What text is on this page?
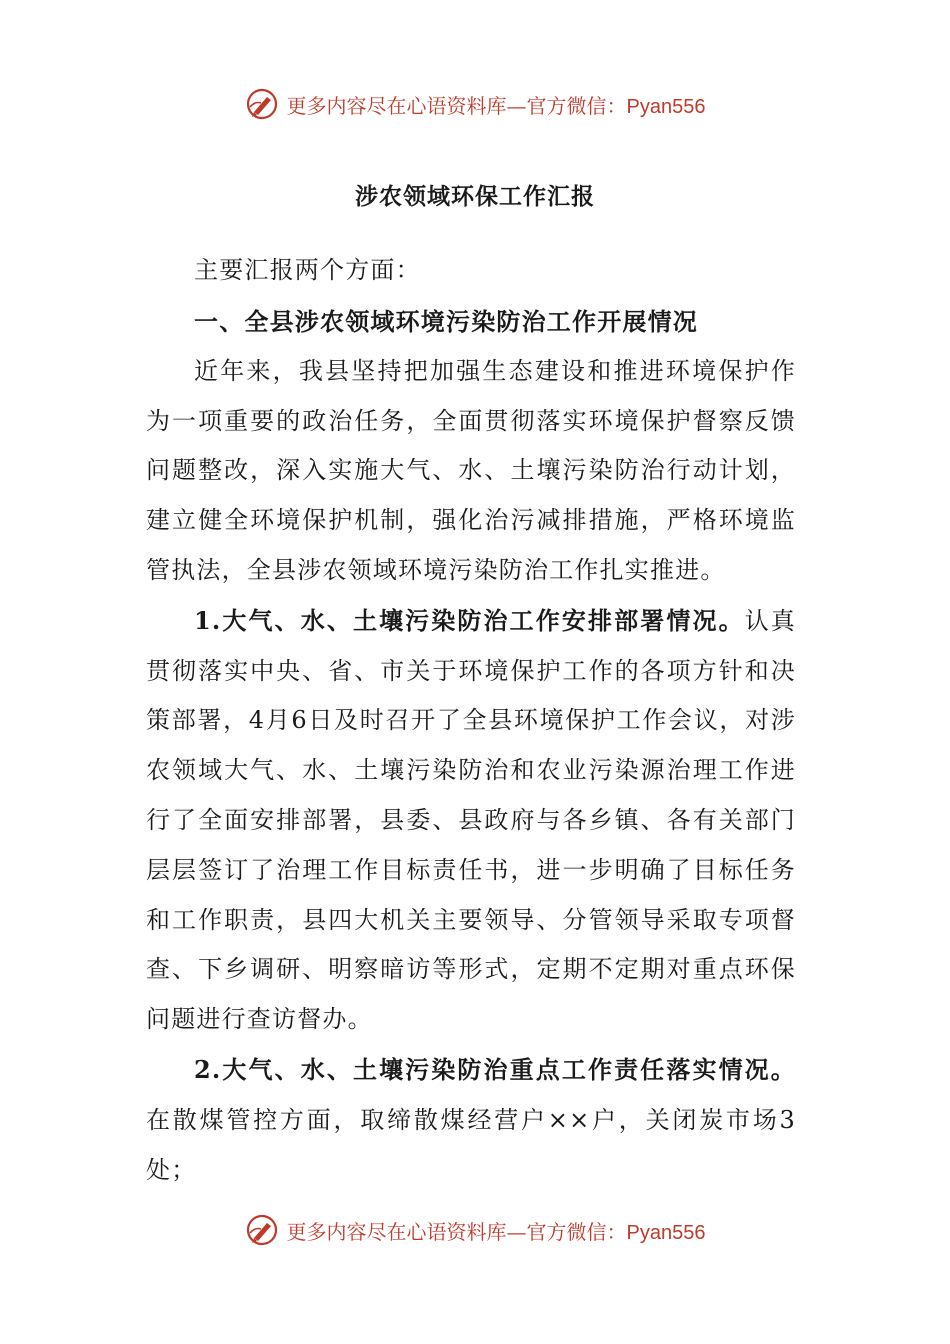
更多内容尽在心语资料库—官方微信：Pyan556
涉农领域环保工作汇报

主要汇报两个方面：

一、全县涉农领域环境污染防治工作开展情况

近年来，我县坚持把加强生态建设和推进环境保护作为一项重要的政治任务，全面贯彻落实环境保护督察反馈问题整改，深入实施大气、水、土壤污染防治行动计划，建立健全环境保护机制，强化治污减排措施，严格环境监管执法，全县涉农领域环境污染防治工作扎实推进。

1.大气、水、土壤污染防治工作安排部署情况。认真贯彻落实中央、省、市关于环境保护工作的各项方针和决策部署，4月6日及时召开了全县环境保护工作会议，对涉农领域大气、水、土壤污染防治和农业污染源治理工作进行了全面安排部署，县委、县政府与各乡镇、各有关部门层层签订了治理工作目标责任书，进一步明确了目标任务和工作职责，县四大机关主要领导、分管领导采取专项督查、下乡调研、明察暗访等形式，定期不定期对重点环保问题进行查访督办。

2.大气、水、土壤污染防治重点工作责任落实情况。在散煤管控方面，取缔散煤经营户××户，关闭炭市场3处；

更多内容尽在心语资料库—官方微信：Pyan556
